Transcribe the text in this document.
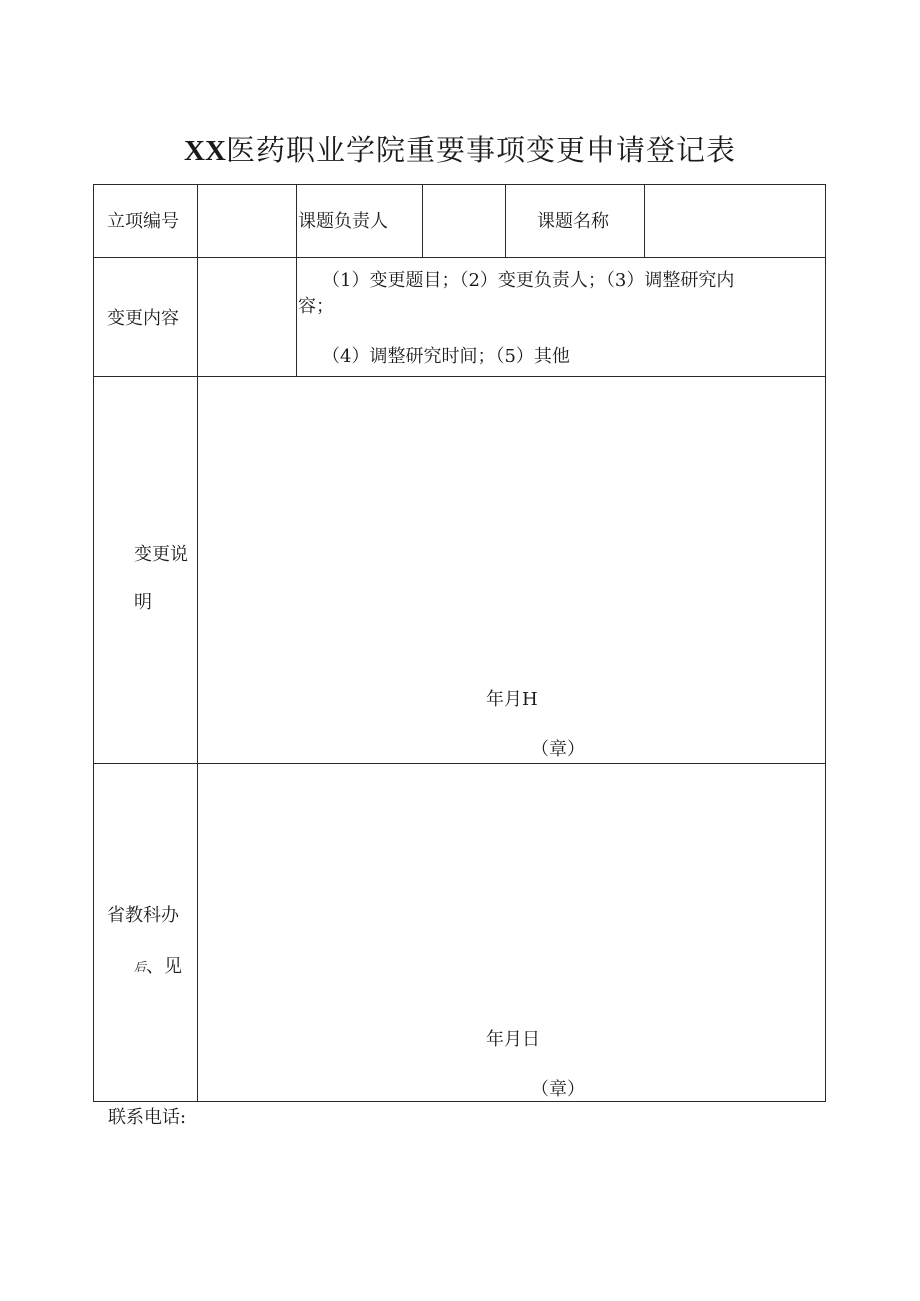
XX医药职业学院重要事项变更申请登记表
立项编号	课题负责人	课题名称
变更内容
（1）变更题目；（2）变更负责人；（3）调整研究内
容；
（4）调整研究时间；（5）其他
变更说
明
年月H
（章）
省教科办
后、见
年月日
（章）
联系电话:
